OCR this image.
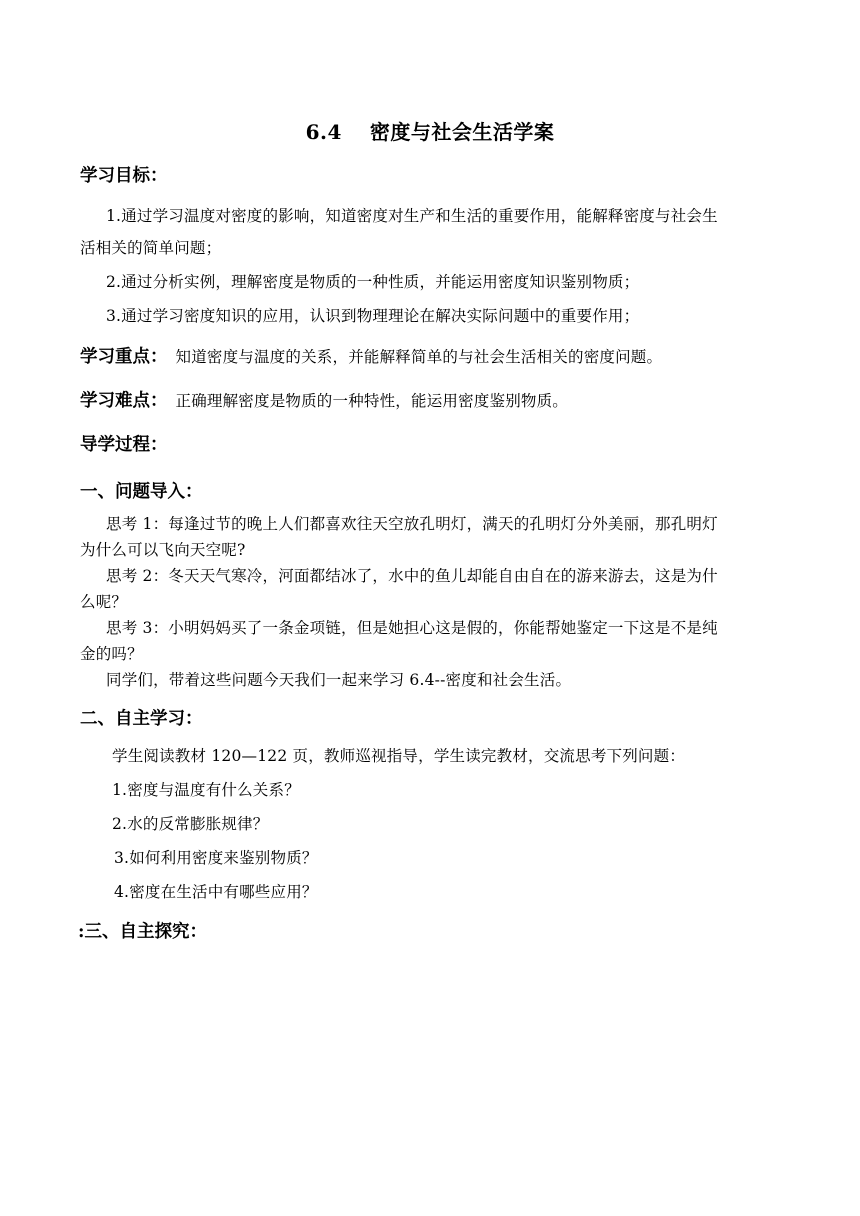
6.4　 密度与社会生活学案
学习目标：
1.通过学习温度对密度的影响，知道密度对生产和生活的重要作用，能解释密度与社会生
活相关的简单问题；
2.通过分析实例，理解密度是物质的一种性质，并能运用密度知识鉴别物质；
3.通过学习密度知识的应用，认识到物理理论在解决实际问题中的重要作用；
学习重点： 知道密度与温度的关系，并能解释简单的与社会生活相关的密度问题。
学习难点： 正确理解密度是物质的一种特性，能运用密度鉴别物质。
导学过程：
一、问题导入：
思考 1：每逢过节的晚上人们都喜欢往天空放孔明灯，满天的孔明灯分外美丽，那孔明灯
为什么可以飞向天空呢?
思考 2：冬天天气寒冷，河面都结冰了，水中的鱼儿却能自由自在的游来游去，这是为什
么呢？
思考 3：小明妈妈买了一条金项链，但是她担心这是假的，你能帮她鉴定一下这是不是纯
金的吗？
同学们，带着这些问题今天我们一起来学习 6.4--密度和社会生活。
二、自主学习：
学生阅读教材 120—122 页，教师巡视指导，学生读完教材，交流思考下列问题：
1.密度与温度有什么关系？
2.水的反常膨胀规律？
3.如何利用密度来鉴别物质？
4.密度在生活中有哪些应用？
:三、自主探究：
